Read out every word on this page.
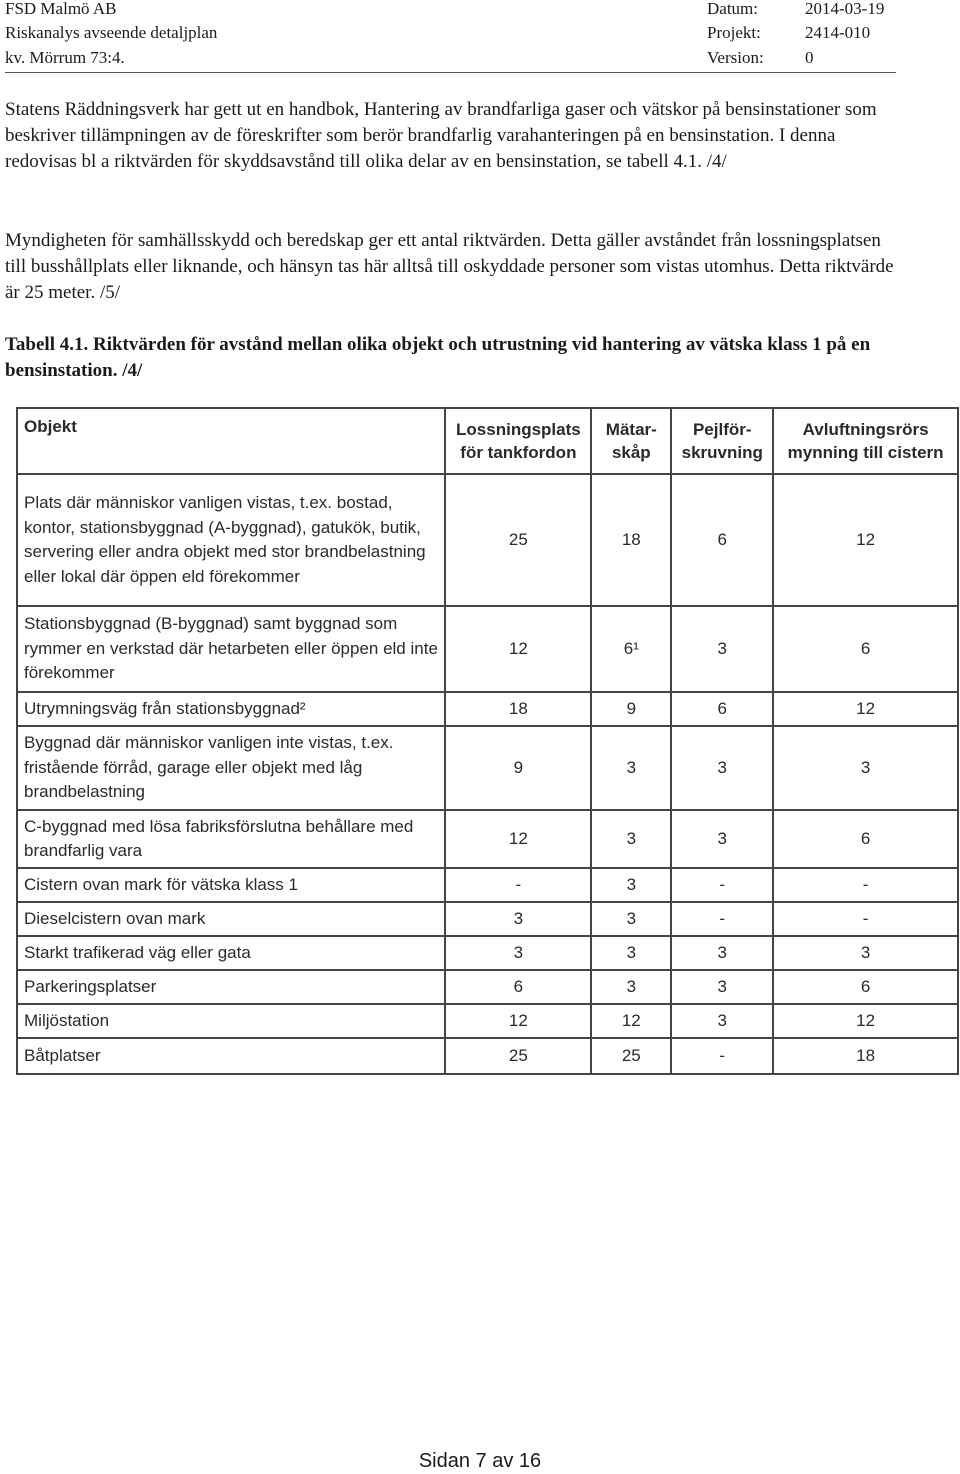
FSD Malmö AB	Datum:	2014-03-19
Riskanalys avseende detaljplan	Projekt:	2414-010
kv. Mörrum 73:4.	Version: 0
Statens Räddningsverk har gett ut en handbok, Hantering av brandfarliga gaser och vätskor på bensinstationer som beskriver tillämpningen av de föreskrifter som berör brandfarlig varahanteringen på en bensinstation. I denna redovisas bl a riktvärden för skyddsavstånd till olika delar av en bensinstation, se tabell 4.1. /4/
Myndigheten för samhällsskydd och beredskap ger ett antal riktvärden. Detta gäller avståndet från lossningsplatsen till busshållplats eller liknande, och hänsyn tas här alltså till oskyddade personer som vistas utomhus. Detta riktvärde är 25 meter. /5/
Tabell 4.1. Riktvärden för avstånd mellan olika objekt och utrustning vid hantering av vätska klass 1 på en bensinstation. /4/
Objekt	Lossningsplats för tankfordon	Mätar-skåp	Pejlför-skruvning	Avluftningsrörs mynning till cistern
Plats där människor vanligen vistas, t.ex. bostad, kontor, stationsbyggnad (A-byggnad), gatukök, butik, servering eller andra objekt med stor brandbelastning eller lokal där öppen eld förekommer	25	18	6	12
Stationsbyggnad (B-byggnad) samt byggnad som rymmer en verkstad där hetarbeten eller öppen eld inte förekommer	12	6¹	3	6
Utrymningsväg från stationsbyggnad²	18	9	6	12
Byggnad där människor vanligen inte vistas, t.ex. fristående förråd, garage eller objekt med låg brandbelastning	9	3	3	3
C-byggnad med lösa fabriksförslutna behållare med brandfarlig vara	12	3	3	6
Cistern ovan mark för vätska klass 1	-	3	-	-
Dieselcistern ovan mark	3	3	-	-
Starkt trafikerad väg eller gata	3	3	3	3
Parkeringsplatser	6	3	3	6
Miljöstation	12	12	3	12
Båtplatser	25	25	-	18
Sidan 7 av 16
